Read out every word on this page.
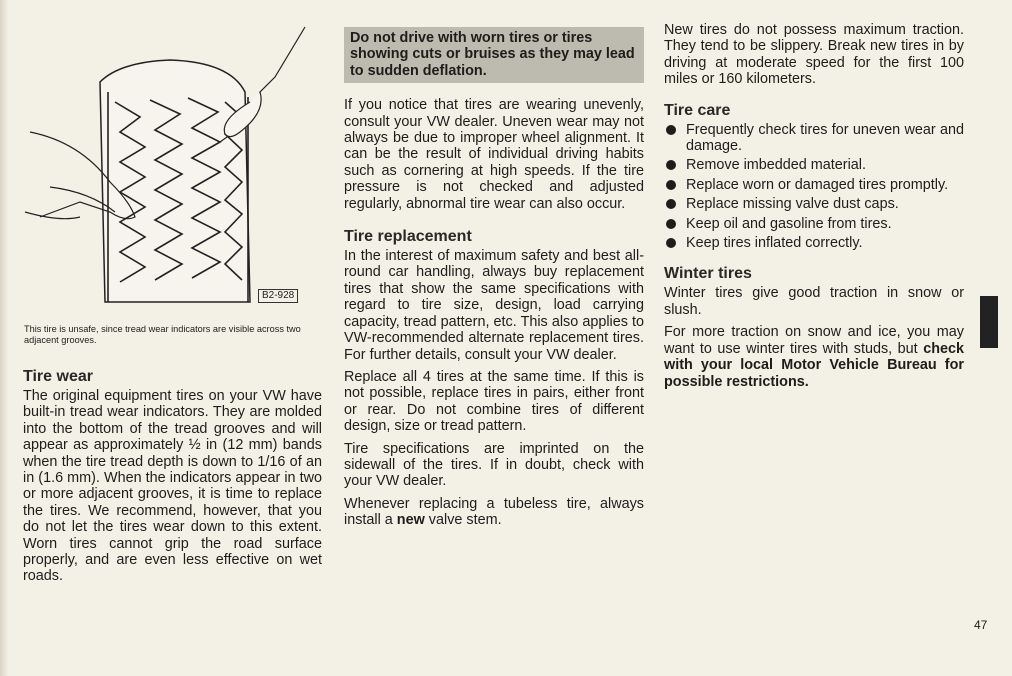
B2-928
This tire is unsafe, since tread wear indicators are visible across two adjacent grooves.
Tire wear

The original equipment tires on your VW have built-in tread wear indicators. They are molded into the bottom of the tread grooves and will appear as approximately ½ in (12 mm) bands when the tire tread depth is down to 1/16 of an in (1.6 mm). When the indicators appear in two or more adjacent grooves, it is time to replace the tires. We recommend, however, that you do not let the tires wear down to this extent. Worn tires cannot grip the road surface properly, and are even less effective on wet roads.

Do not drive with worn tires or tires showing cuts or bruises as they may lead to sudden deflation.

If you notice that tires are wearing unevenly, consult your VW dealer. Uneven wear may not always be due to improper wheel alignment. It can be the result of individual driving habits such as cornering at high speeds. If the tire pressure is not checked and adjusted regularly, abnormal tire wear can also occur.

Tire replacement

In the interest of maximum safety and best all-round car handling, always buy replacement tires that show the same specifications with regard to tire size, design, load carrying capacity, tread pattern, etc. This also applies to VW-recommended alternate replacement tires. For further details, consult your VW dealer.

Replace all 4 tires at the same time. If this is not possible, replace tires in pairs, either front or rear. Do not combine tires of different design, size or tread pattern.

Tire specifications are imprinted on the sidewall of the tires. If in doubt, check with your VW dealer.

Whenever replacing a tubeless tire, always install a new valve stem.

New tires do not possess maximum traction. They tend to be slippery. Break new tires in by driving at moderate speed for the first 100 miles or 160 kilometers.

Tire care
Frequently check tires for uneven wear and damage.
Remove imbedded material.
Replace worn or damaged tires promptly.
Replace missing valve dust caps.
Keep oil and gasoline from tires.
Keep tires inflated correctly.
Winter tires

Winter tires give good traction in snow or slush.

For more traction on snow and ice, you may want to use winter tires with studs, but check with your local Motor Vehicle Bureau for possible restrictions.

47
